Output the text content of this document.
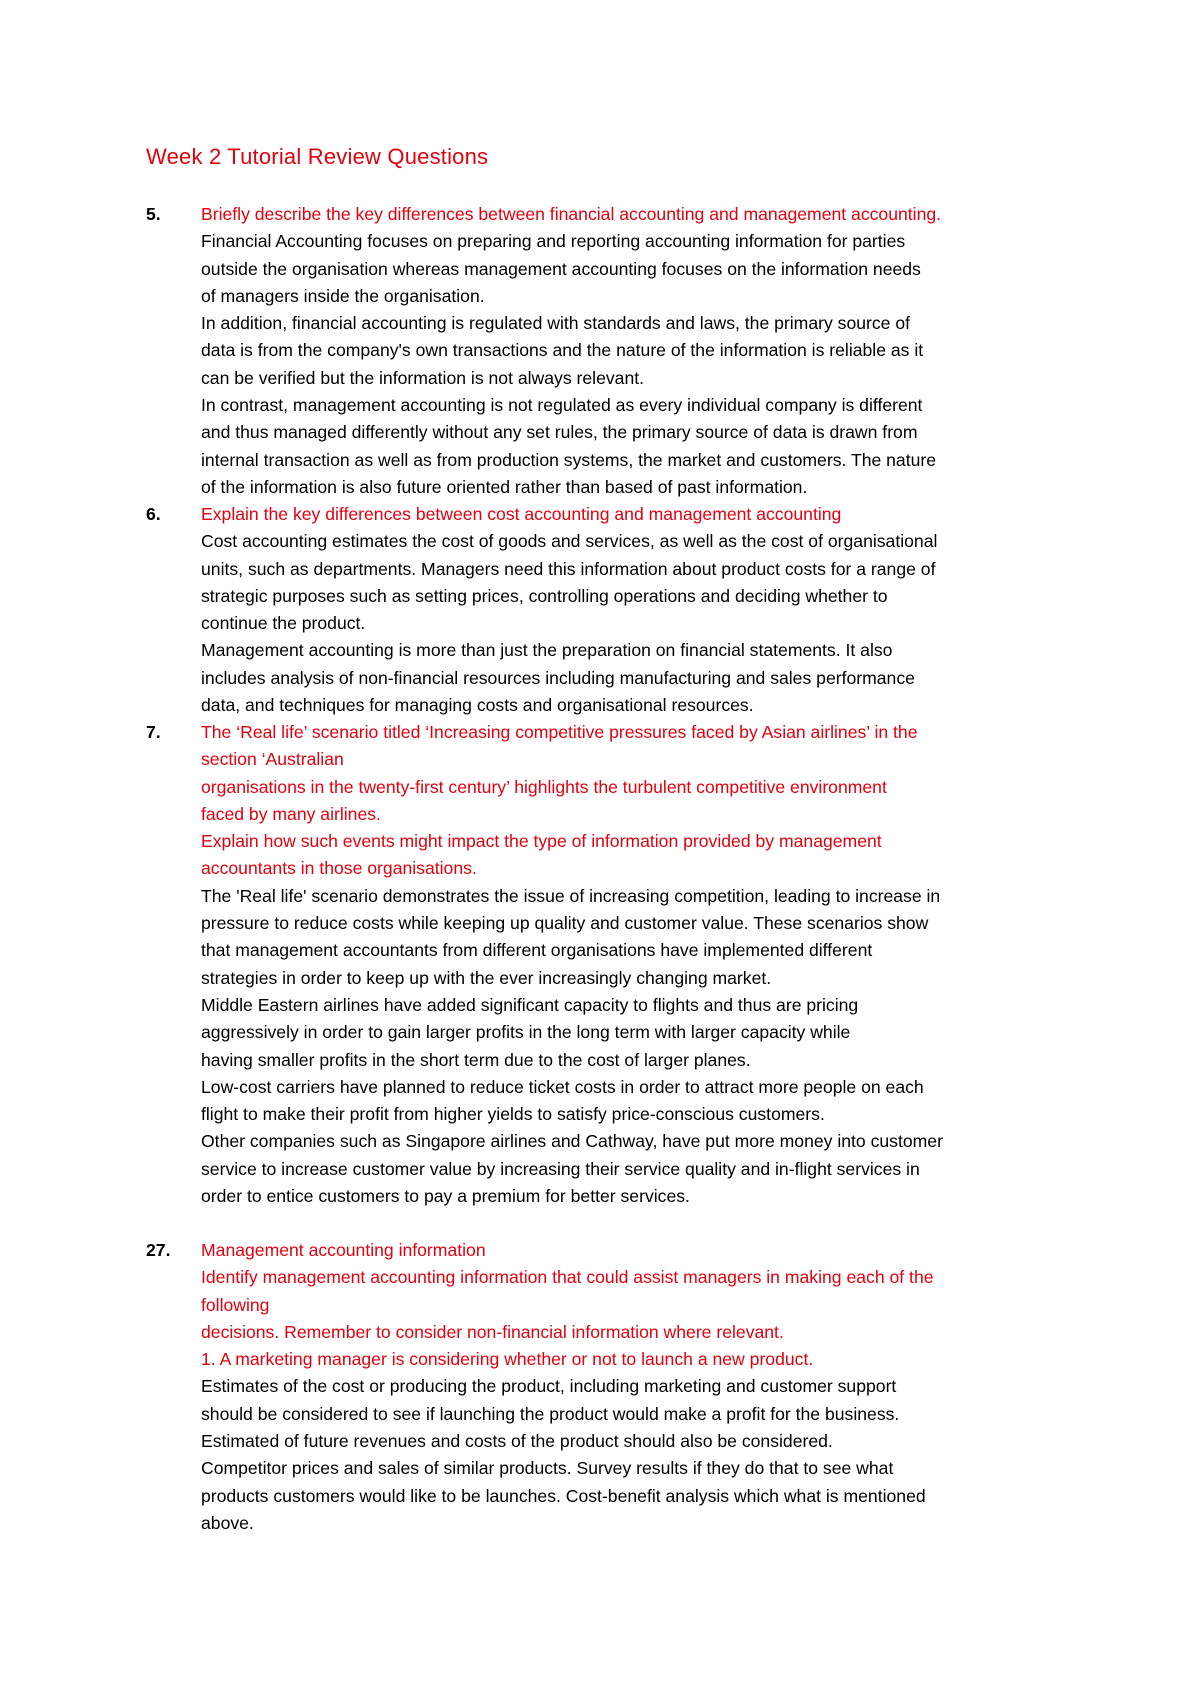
Week 2 Tutorial Review Questions
5.	Briefly describe the key differences between financial accounting and management accounting.
Financial Accounting focuses on preparing and reporting accounting information for parties
outside the organisation whereas management accounting focuses on the information needs
of managers inside the organisation.
In addition, financial accounting is regulated with standards and laws, the primary source of
data is from the company's own transactions and the nature of the information is reliable as it
can be verified but the information is not always relevant.
In contrast, management accounting is not regulated as every individual company is different
and thus managed differently without any set rules, the primary source of data is drawn from
internal transaction as well as from production systems, the market and customers. The nature
of the information is also future oriented rather than based of past information.
6.	Explain the key differences between cost accounting and management accounting
Cost accounting estimates the cost of goods and services, as well as the cost of organisational
units, such as departments. Managers need this information about product costs for a range of
strategic purposes such as setting prices, controlling operations and deciding whether to
continue the product.
Management accounting is more than just the preparation on financial statements. It also
includes analysis of non-financial resources including manufacturing and sales performance
data, and techniques for managing costs and organisational resources.
7.	The ‘Real life’ scenario titled ‘Increasing competitive pressures faced by Asian airlines’ in the
section ‘Australian
organisations in the twenty-first century’ highlights the turbulent competitive environment
faced by many airlines.
Explain how such events might impact the type of information provided by management
accountants in those organisations.
The 'Real life' scenario demonstrates the issue of increasing competition, leading to increase in
pressure to reduce costs while keeping up quality and customer value. These scenarios show
that management accountants from different organisations have implemented different
strategies in order to keep up with the ever increasingly changing market.
Middle Eastern airlines have added significant capacity to flights and thus are pricing
aggressively in order to gain larger profits in the long term with larger capacity while
having smaller profits in the short term due to the cost of larger planes.
Low-cost carriers have planned to reduce ticket costs in order to attract more people on each
flight to make their profit from higher yields to satisfy price-conscious customers.
Other companies such as Singapore airlines and Cathway, have put more money into customer
service to increase customer value by increasing their service quality and in-flight services in
order to entice customers to pay a premium for better services.
27.	Management accounting information
Identify management accounting information that could assist managers in making each of the
following
decisions. Remember to consider non-financial information where relevant.
1. A marketing manager is considering whether or not to launch a new product.
Estimates of the cost or producing the product, including marketing and customer support
should be considered to see if launching the product would make a profit for the business.
Estimated of future revenues and costs of the product should also be considered.
Competitor prices and sales of similar products. Survey results if they do that to see what
products customers would like to be launches. Cost-benefit analysis which what is mentioned
above.
